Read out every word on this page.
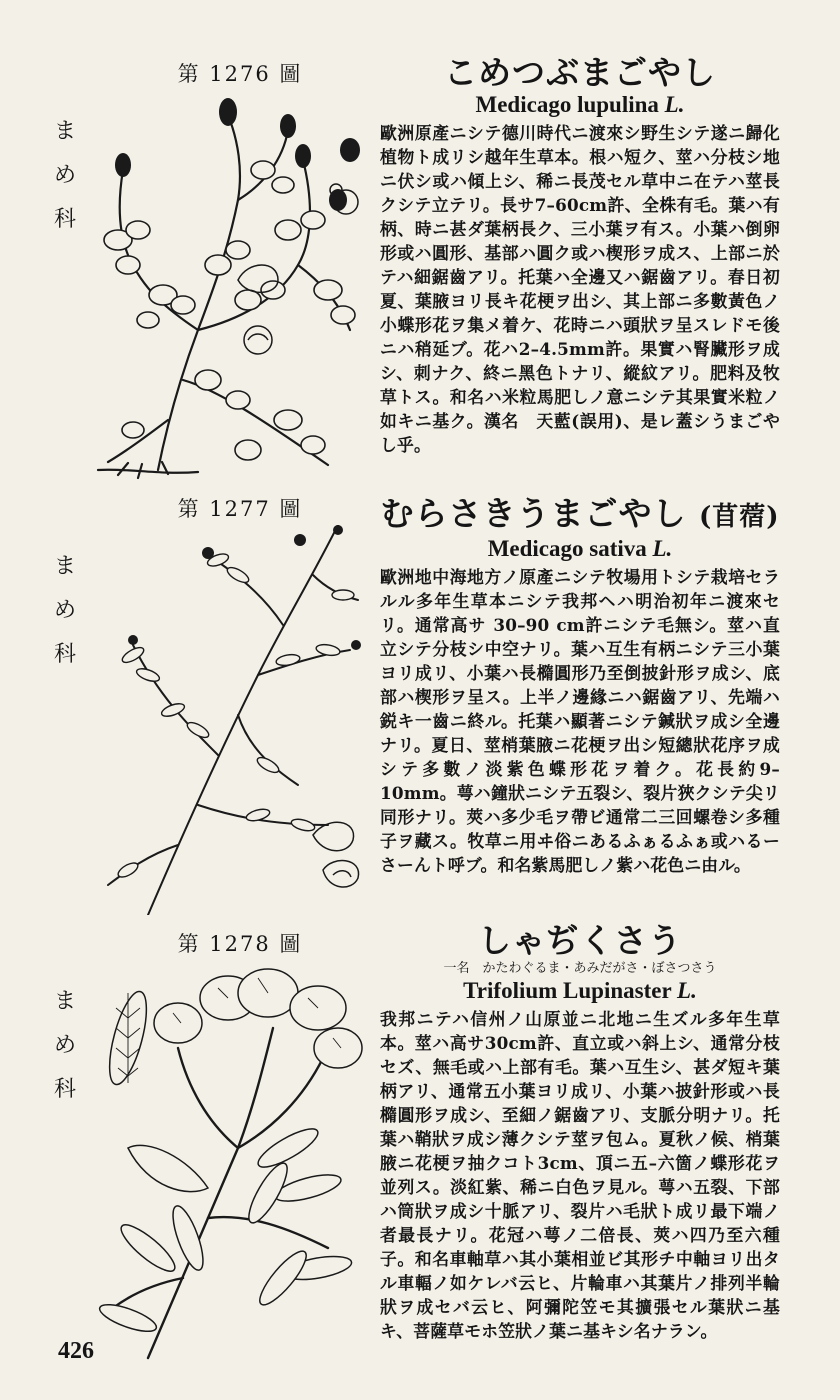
第 1276 圖
ま
め
科
こめつぶまごやし
Medicago lupulina L.
歐洲原產ニシテ德川時代ニ渡來シ野生シテ遂ニ歸化植物ト成リシ越年生草本。根ハ短ク、莖ハ分枝シ地ニ伏シ或ハ傾上シ、稀ニ長茂セル草中ニ在テハ莖長クシテ立テリ。長サ7–60cm許、全株有毛。葉ハ有柄、時ニ甚ダ葉柄長ク、三小葉ヲ有ス。小葉ハ倒卵形或ハ圓形、基部ハ圓ク或ハ楔形ヲ成ス、上部ニ於テハ細鋸齒アリ。托葉ハ全邊又ハ鋸齒アリ。春日初夏、葉腋ヨリ長キ花梗ヲ出シ、其上部ニ多數黃色ノ小蝶形花ヲ集メ着ケ、花時ニハ頭狀ヲ呈スレドモ後ニハ稍延ブ。花ハ2–4.5mm許。果實ハ腎臟形ヲ成シ、刺ナク、終ニ黑色トナリ、縱紋アリ。肥料及牧草トス。和名ハ米粒馬肥しノ意ニシテ其果實米粒ノ如キニ基ク。漢名　天藍(誤用)、是レ蓋シうまごやし乎。
第 1277 圖
ま
め
科
むらさきうまごやし (苜蓿)
Medicago sativa L.
歐洲地中海地方ノ原產ニシテ牧場用トシテ栽培セラルル多年生草本ニシテ我邦ヘハ明治初年ニ渡來セリ。通常高サ 30–90 cm許ニシテ毛無シ。莖ハ直立シテ分枝シ中空ナリ。葉ハ互生有柄ニシテ三小葉ヨリ成リ、小葉ハ長橢圓形乃至倒披針形ヲ成シ、底部ハ楔形ヲ呈ス。上半ノ邊緣ニハ鋸齒アリ、先端ハ鋭キ一齒ニ終ル。托葉ハ顯著ニシテ鍼狀ヲ成シ全邊ナリ。夏日、莖梢葉腋ニ花梗ヲ出シ短總狀花序ヲ成シテ多數ノ淡紫色蝶形花ヲ着ク。花長約9–10mm。萼ハ鐘狀ニシテ五裂シ、裂片狹クシテ尖リ同形ナリ。莢ハ多少毛ヲ帶ビ通常二三回螺卷シ多種子ヲ藏ス。牧草ニ用ヰ俗ニあるふぁるふぁ或ハるーさーんト呼ブ。和名紫馬肥しノ紫ハ花色ニ由ル。
第 1278 圖
ま
め
科
しゃぢくさう
一名　かたわぐるま・あみだがさ・ぼさつさう
Trifolium Lupinaster L.
我邦ニテハ信州ノ山原並ニ北地ニ生ズル多年生草本。莖ハ高サ30cm許、直立或ハ斜上シ、通常分枝セズ、無毛或ハ上部有毛。葉ハ互生シ、甚ダ短キ葉柄アリ、通常五小葉ヨリ成リ、小葉ハ披針形或ハ長橢圓形ヲ成シ、至細ノ鋸齒アリ、支脈分明ナリ。托葉ハ鞘狀ヲ成シ薄クシテ莖ヲ包ム。夏秋ノ候、梢葉腋ニ花梗ヲ抽クコト3cm、頂ニ五–六箇ノ蝶形花ヲ並列ス。淡紅紫、稀ニ白色ヲ見ル。萼ハ五裂、下部ハ筒狀ヲ成シ十脈アリ、裂片ハ毛狀ト成リ最下端ノ者最長ナリ。花冠ハ萼ノ二倍長、莢ハ四乃至六種子。和名車軸草ハ其小葉相並ビ其形チ中軸ヨリ出タル車輻ノ如ケレバ云ヒ、片輪車ハ其葉片ノ排列半輪狀ヲ成セバ云ヒ、阿彌陀笠モ其擴張セル葉狀ニ基キ、菩薩草モホ笠狀ノ葉ニ基キシ名ナラン。
426
